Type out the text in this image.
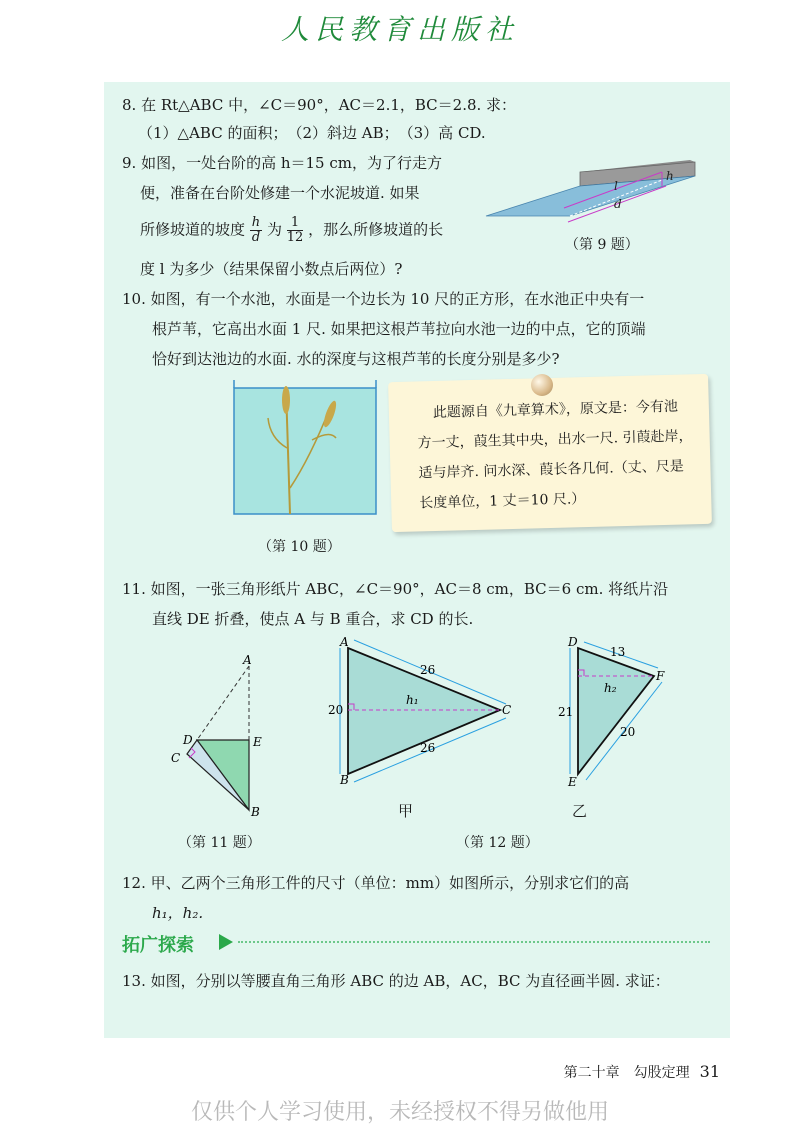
人民教育出版社
8. 在 Rt△ABC 中，∠C＝90°，AC＝2.1，BC＝2.8. 求：
（1）△ABC 的面积；　（2）斜边 AB；　（3）高 CD.
9. 如图，一处台阶的高 h＝15 cm，为了行走方
便，准备在台阶处修建一个水泥坡道. 如果
所修坡道的坡度 $\frac{h}{d}$ 为 $\frac{1}{12}$ ，那么所修坡道的长
度 l 为多少（结果保留小数点后两位）?
l
d
h
（第 9 题）
10. 如图，有一个水池，水面是一个边长为 10 尺的正方形，在水池正中央有一
根芦苇，它高出水面 1 尺. 如果把这根芦苇拉向水池一边的中点，它的顶端
恰好到达池边的水面. 水的深度与这根芦苇的长度分别是多少?
（第 10 题）
此题源自《九章算术》，原文是：今有池
方一丈，葭生其中央，出水一尺. 引葭赴岸，
适与岸齐. 问水深、葭长各几何.（丈、尺是
长度单位，1 丈＝10 尺.）
11. 如图，一张三角形纸片 ABC，∠C＝90°，AC＝8 cm，BC＝6 cm. 将纸片沿
直线 DE 折叠，使点 A 与 B 重合，求 CD 的长.
A
D	E
C
B
（第 11 题）
A
B
C
20
26
26
h₁
甲
D
E
F
21
13
20
h₂
乙
（第 12 题）
12. 甲、乙两个三角形工件的尺寸（单位：mm）如图所示，分别求它们的高
h₁，h₂.
拓广探索
13. 如图，分别以等腰直角三角形 ABC 的边 AB，AC，BC 为直径画半圆. 求证：
第二十章　勾股定理 31
仅供个人学习使用，未经授权不得另做他用
